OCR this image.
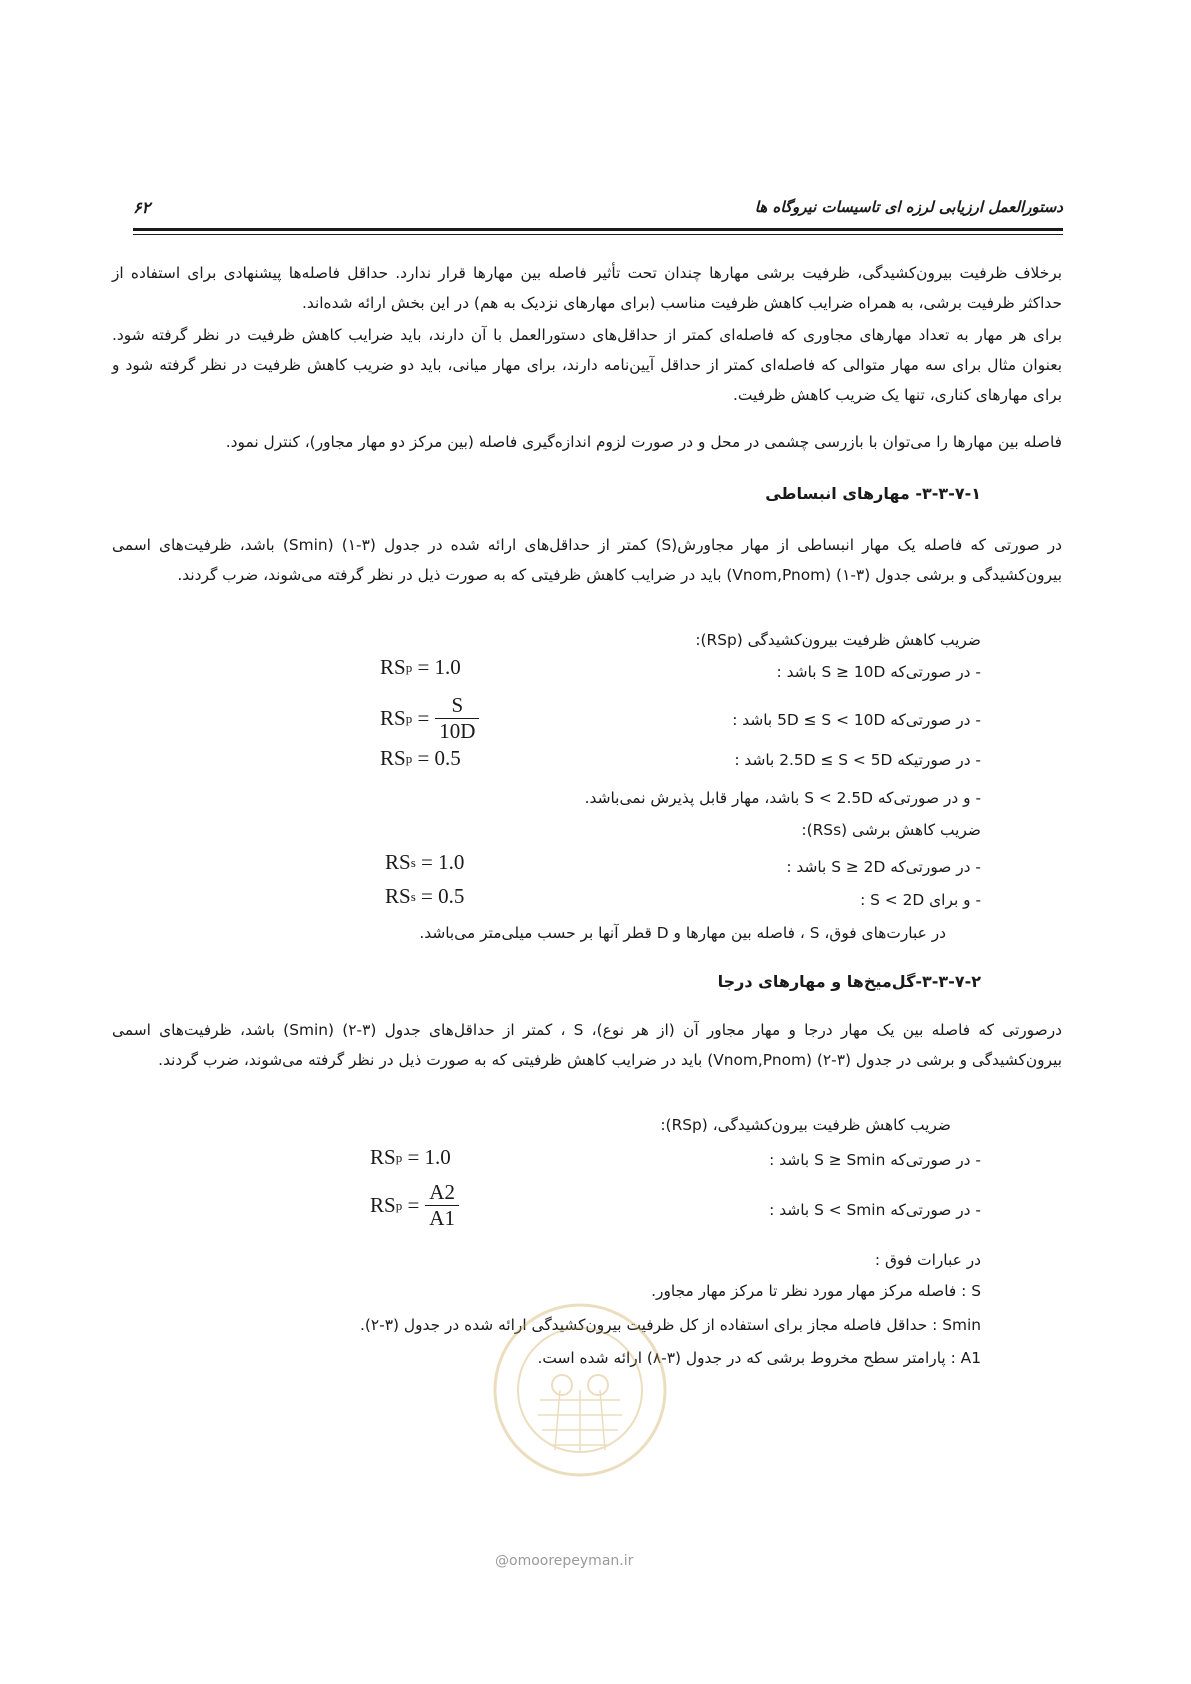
دستورالعمل ارزیابی لرزه ای تاسیسات نیروگاه ها
۶۲
برخلاف ظرفیت بیرون‌کشیدگی، ظرفیت برشی مهارها چندان تحت تأثیر فاصله بین مهارها قرار ندارد. حداقل فاصله‌ها پیشنهادی برای استفاده از حداکثر ظرفیت برشی، به همراه ضرایب کاهش ظرفیت مناسب (برای مهارهای نزدیک به هم) در این بخش ارائه شده‌اند.
برای هر مهار به تعداد مهارهای مجاوری که فاصله‌ای کمتر از حداقل‌های دستورالعمل با آن دارند، باید ضرایب کاهش ظرفیت در نظر گرفته شود. بعنوان مثال برای سه مهار متوالی که فاصله‌ای کمتر از حداقل آیین‌نامه دارند، برای مهار میانی، باید دو ضریب کاهش ظرفیت در نظر گرفته شود و برای مهارهای کناری، تنها یک ضریب کاهش ظرفیت.
فاصله بین مهارها را می‌توان با بازرسی چشمی در محل و در صورت لزوم اندازه‌گیری فاصله (بین مرکز دو مهار مجاور)، کنترل نمود.
۳-۳-۷-۱- مهارهای انبساطی
در صورتی که فاصله یک مهار انبساطی از مهار مجاورش(S) کمتر از حداقل‌های ارائه شده در جدول (۳-۱) (Smin) باشد، ظرفیت‌های اسمی بیرون‌کشیدگی و برشی جدول (۳-۱) (Vnom,Pnom) باید در ضرایب کاهش ظرفیتی که به صورت ذیل در نظر گرفته می‌شوند، ضرب گردند.
ضریب کاهش ظرفیت بیرون‌کشیدگی (RSp):
- در صورتی‌که S ≥ 10D باشد :
- در صورتی‌که 5D ≤ S < 10D باشد :
- در صورتیکه 2.5D ≤ S < 5D باشد :
- و در صورتی‌که S < 2.5D باشد، مهار قابل پذیرش نمی‌باشد.
ضریب کاهش برشی (RSs):
- در صورتی‌که S ≥ 2D باشد :
- و برای S < 2D :
در عبارت‌های فوق، S ، فاصله بین مهارها و D قطر آنها بر حسب میلی‌متر می‌باشد.
RS p
= 1.0
RS $p = \frac{S}{10D}$
RS p
= 0.5
RS s
= 1.0
RS s
= 0.5
۳-۳-۷-۲-گل‌میخ‌ها و مهارهای درجا
درصورتی که فاصله بین یک مهار درجا و مهار مجاور آن (از هر نوع)، S ، کمتر از حداقل‌های جدول (۳-۲) (Smin) باشد، ظرفیت‌های اسمی بیرون‌کشیدگی و برشی در جدول (۳-۲) (Vnom,Pnom) باید در ضرایب کاهش ظرفیتی که به صورت ذیل در نظر گرفته می‌شوند، ضرب گردند.
ضریب کاهش ظرفیت بیرون‌کشیدگی، (RSp):
- در صورتی‌که S ≥ Smin باشد :
- در صورتی‌که S < Smin باشد :
RS p
= 1.0
RS $p = \frac{A2}{A1}$
در عبارات فوق :
S : فاصله مرکز مهار مورد نظر تا مرکز مهار مجاور.
Smin : حداقل فاصله مجاز برای استفاده از کل ظرفیت بیرون‌کشیدگی ارائه شده در جدول (۳-۲).
A1 : پارامتر سطح مخروط برشی که در جدول (۳-۸) ارائه شده است.
@omoorepeyman.ir
